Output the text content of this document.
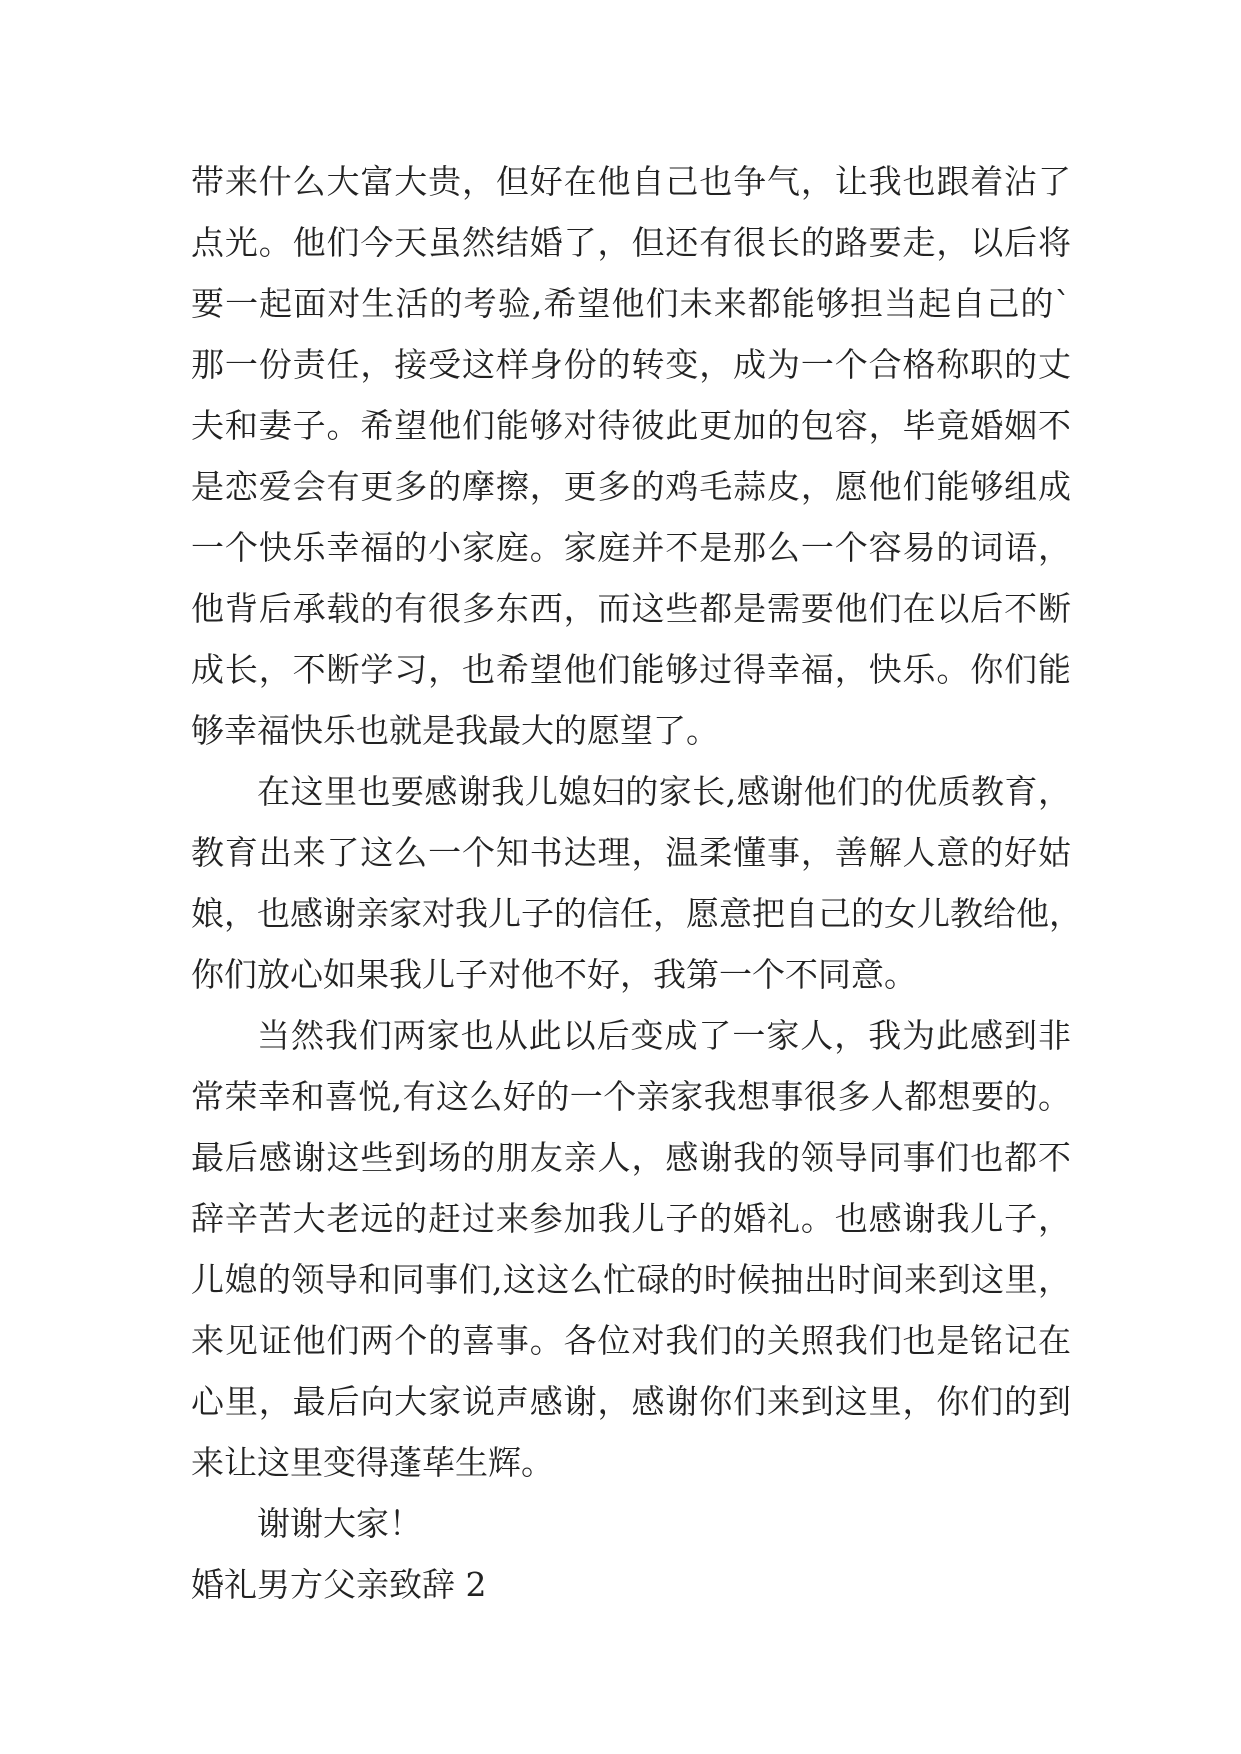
带来什么大富大贵，但好在他自己也争气，让我也跟着沾了
点光。他们今天虽然结婚了，但还有很长的路要走，以后将
要一起面对生活的考验,希望他们未来都能够担当起自己的`
那一份责任，接受这样身份的转变，成为一个合格称职的丈
夫和妻子。希望他们能够对待彼此更加的包容，毕竟婚姻不
是恋爱会有更多的摩擦，更多的鸡毛蒜皮，愿他们能够组成
一个快乐幸福的小家庭。家庭并不是那么一个容易的词语，
他背后承载的有很多东西，而这些都是需要他们在以后不断
成长，不断学习，也希望他们能够过得幸福，快乐。你们能
够幸福快乐也就是我最大的愿望了。
在这里也要感谢我儿媳妇的家长,感谢他们的优质教育，
教育出来了这么一个知书达理，温柔懂事，善解人意的好姑
娘，也感谢亲家对我儿子的信任，愿意把自己的女儿教给他，
你们放心如果我儿子对他不好，我第一个不同意。
当然我们两家也从此以后变成了一家人，我为此感到非
常荣幸和喜悦,有这么好的一个亲家我想事很多人都想要的。
最后感谢这些到场的朋友亲人，感谢我的领导同事们也都不
辞辛苦大老远的赶过来参加我儿子的婚礼。也感谢我儿子，
儿媳的领导和同事们,这这么忙碌的时候抽出时间来到这里，
来见证他们两个的喜事。各位对我们的关照我们也是铭记在
心里，最后向大家说声感谢，感谢你们来到这里，你们的到
来让这里变得蓬荜生辉。
谢谢大家！
婚礼男方父亲致辞 2
